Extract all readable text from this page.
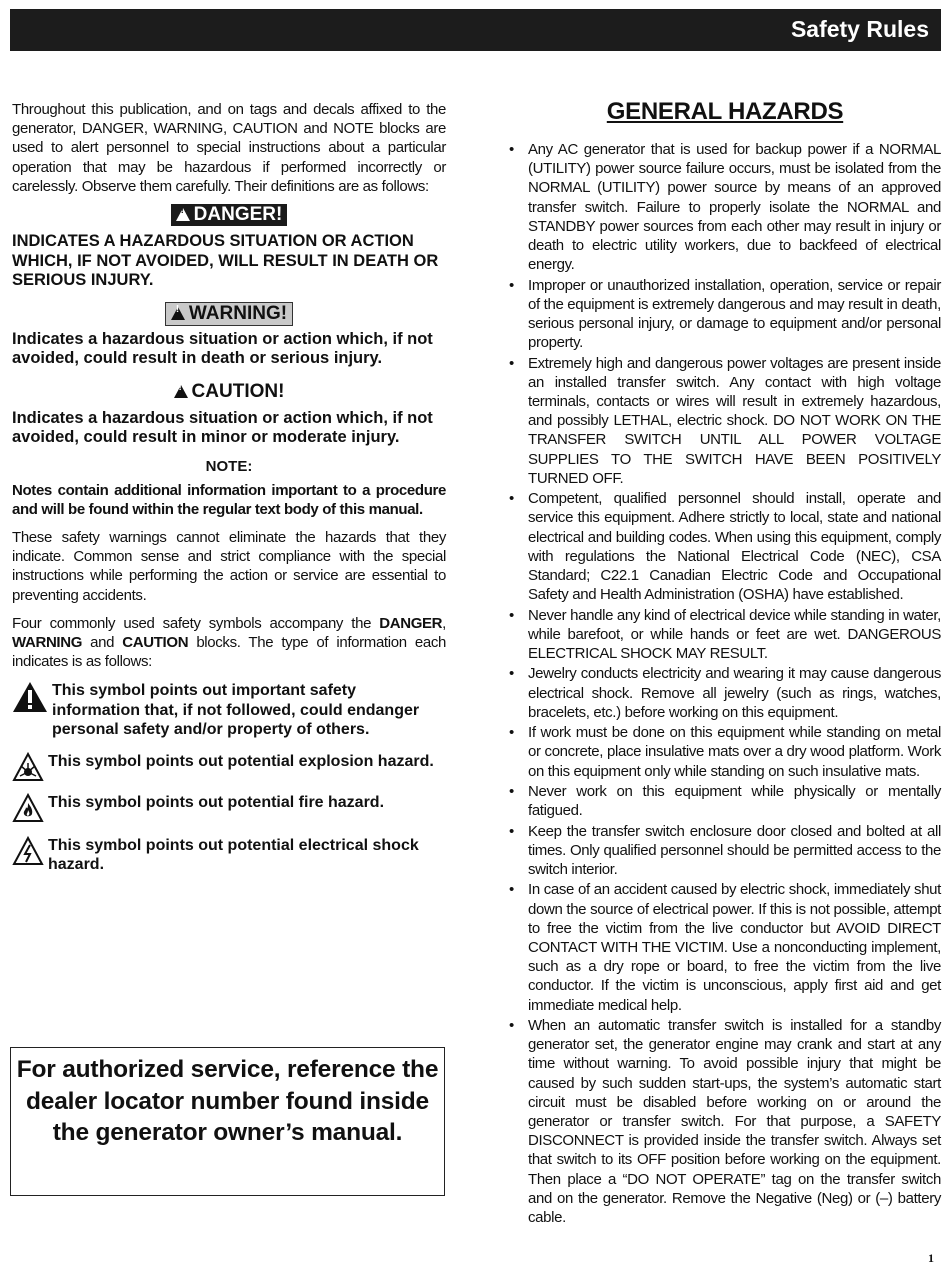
Safety Rules

Throughout this publication, and on tags and decals affixed to the generator, DANGER, WARNING, CAUTION and NOTE blocks are used to alert personnel to special instructions about a particular operation that may be hazardous if performed incorrectly or carelessly. Observe them carefully. Their definitions are as follows:

! DANGER!

INDICATES A HAZARDOUS SITUATION OR ACTION WHICH, IF NOT AVOIDED, WILL RESULT IN DEATH OR SERIOUS INJURY.

! WARNING!

Indicates a hazardous situation or action which, if not avoided, could result in death or serious injury.

! CAUTION!

Indicates a hazardous situation or action which, if not avoided, could result in minor or moderate injury.

NOTE:

Notes contain additional information important to a procedure and will be found within the regular text body of this manual.

These safety warnings cannot eliminate the hazards that they indicate. Common sense and strict compliance with the special instructions while performing the action or service are essential to preventing accidents.

Four commonly used safety symbols accompany the DANGER, WARNING and CAUTION blocks. The type of information each indicates is as follows:

This symbol points out important safety information that, if not followed, could endanger personal safety and/or property of others.
This symbol points out potential explosion hazard.
This symbol points out potential fire hazard.
This symbol points out potential electrical shock hazard.

For authorized service, reference the dealer locator number found inside the generator owner’s manual.

GENERAL HAZARDS
• Any AC generator that is used for backup power if a NORMAL (UTILITY) power source failure occurs, must be isolated from the NORMAL (UTILITY) power source by means of an approved transfer switch. Failure to properly isolate the NORMAL and STANDBY power sources from each other may result in injury or death to electric utility workers, due to backfeed of electrical energy.
• Improper or unauthorized installation, operation, service or repair of the equipment is extremely dangerous and may result in death, serious personal injury, or damage to equipment and/or personal property.
• Extremely high and dangerous power voltages are present inside an installed transfer switch. Any contact with high voltage terminals, contacts or wires will result in extremely hazardous, and possibly LETHAL, electric shock. DO NOT WORK ON THE TRANSFER SWITCH UNTIL ALL POWER VOLTAGE SUPPLIES TO THE SWITCH HAVE BEEN POSITIVELY TURNED OFF.
• Competent, qualified personnel should install, operate and service this equipment. Adhere strictly to local, state and national electrical and building codes. When using this equipment, comply with regulations the National Electrical Code (NEC), CSA Standard; C22.1 Canadian Electric Code and Occupational Safety and Health Administration (OSHA) have established.
• Never handle any kind of electrical device while standing in water, while barefoot, or while hands or feet are wet. DANGEROUS ELECTRICAL SHOCK MAY RESULT.
• Jewelry conducts electricity and wearing it may cause dangerous electrical shock. Remove all jewelry (such as rings, watches, bracelets, etc.) before working on this equipment.
• If work must be done on this equipment while standing on metal or concrete, place insulative mats over a dry wood platform. Work on this equipment only while standing on such insulative mats.
• Never work on this equipment while physically or mentally fatigued.
• Keep the transfer switch enclosure door closed and bolted at all times. Only qualified personnel should be permitted access to the switch interior.
• In case of an accident caused by electric shock, immediately shut down the source of electrical power. If this is not possible, attempt to free the victim from the live conductor but AVOID DIRECT CONTACT WITH THE VICTIM. Use a nonconducting implement, such as a dry rope or board, to free the victim from the live conductor. If the victim is unconscious, apply first aid and get immediate medical help.
• When an automatic transfer switch is installed for a standby generator set, the generator engine may crank and start at any time without warning. To avoid possible injury that might be caused by such sudden start-ups, the system’s automatic start circuit must be disabled before working on or around the generator or transfer switch. For that purpose, a SAFETY DISCONNECT is provided inside the transfer switch. Always set that switch to its OFF position before working on the equipment. Then place a “DO NOT OPERATE” tag on the transfer switch and on the generator. Remove the Negative (Neg) or (–) battery cable.
1
